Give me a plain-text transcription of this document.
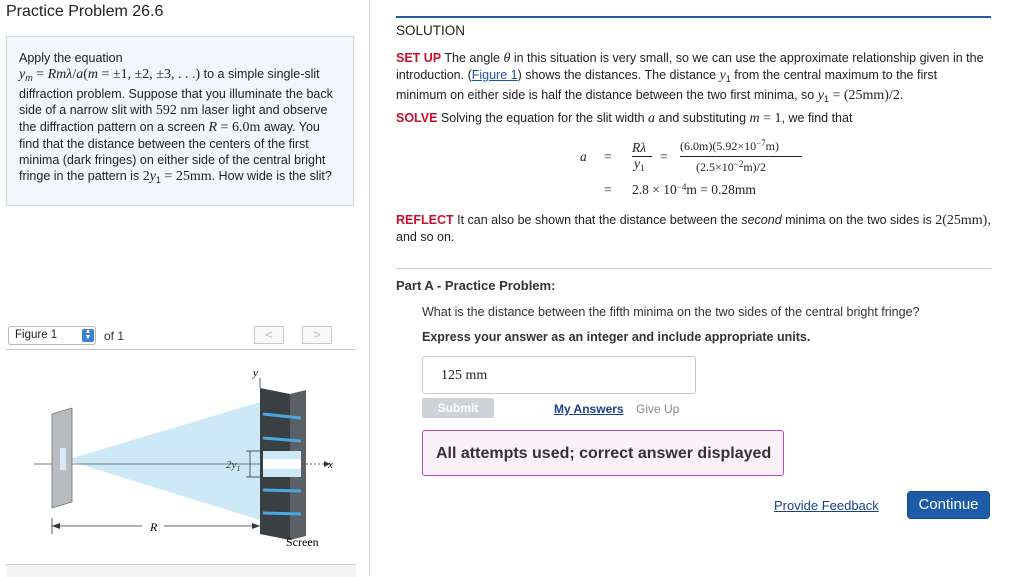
Practice Problem 26.6
Apply the equation
$y_m = Rm\lambda/a(m = \pm 1$, ±2, ±3, . . .) to a simple single-slit diffraction problem. Suppose that you illuminate the back side of a narrow slit with 592 nm laser light and observe the diffraction pattern on a screen R = 6.0m away. You find that the distance between the centers of the first minima (dark fringes) on either side of the central bright fringe in the pattern is $2y_1 = 25mm$. How wide is the slit?
Figure 1	▲
▼ of 1	<	>
y
x
$2y_1$
R
Screen
SOLUTION
SET UP The angle θ in this situation is very small, so we can use the approximate relationship given in the introduction. (Figure 1) shows the distances. The distance $y_1$ from the central maximum to the first minimum on either side is half the distance between the two first minima, so $y_1 = (25mm)/2$.
SOLVE Solving the equation for the slit width a and substituting m = 1, we find that
a =
Rλ
$y_1$
=
$(6.0m)(5.92\times 10^{-7}m)$
$(2.5\times 10^{-2}m)/2$
= $2.8 \times 10^{-4}m = 0.28mm$
REFLECT It can also be shown that the distance between the second minima on the two sides is 2(25mm), and so on.
Part A - Practice Problem:
What is the distance between the fifth minima on the two sides of the central bright fringe?
Express your answer as an integer and include appropriate units.
125 mm
Submit	My Answers Give Up
All attempts used; correct answer displayed
Provide Feedback	Continue
